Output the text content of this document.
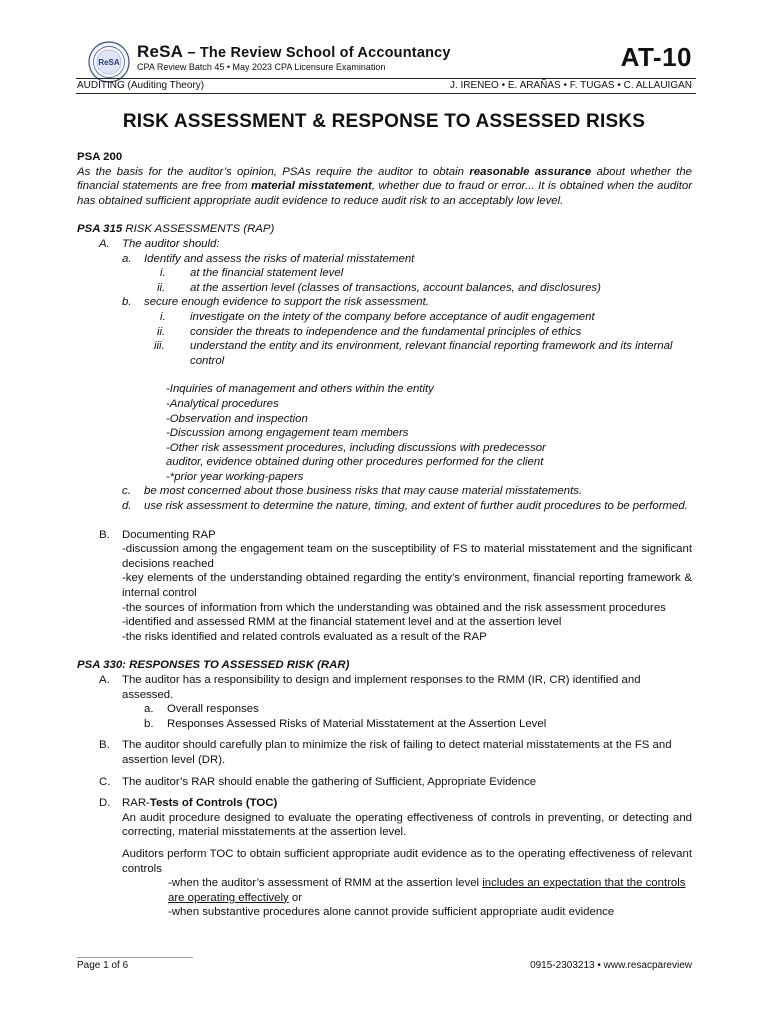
ReSA
ReSA – The Review School of Accountancy
CPA Review Batch 45 • May 2023 CPA Licensure Examination	AT-10
AUDITING (Auditing Theory)	J. IRENEO • E. ARAÑAS • F. TUGAS • C. ALLAUIGAN
RISK ASSESSMENT & RESPONSE TO ASSESSED RISKS

PSA 200

As the basis for the auditor’s opinion, PSAs require the auditor to obtain reasonable assurance about whether the financial statements are free from material misstatement, whether due to fraud or error... It is obtained when the auditor has obtained sufficient appropriate audit evidence to reduce audit risk to an acceptably low level.

PSA 315 RISK ASSESSMENTS (RAP)

A.	The auditor should:
a.	Identify and assess the risks of material misstatement
i.	at the financial statement level
ii.	at the assertion level (classes of transactions, account balances, and disclosures)
b.	secure enough evidence to support the risk assessment.
i.	investigate on the intety of the company before acceptance of audit engagement
ii.	consider the threats to independence and the fundamental principles of ethics
iii.	understand the entity and its environment, relevant financial reporting framework and its internal control

-Inquiries of management and others within the entity

-Analytical procedures

-Observation and inspection

-Discussion among engagement team members

-Other risk assessment procedures, including discussions with predecessor

auditor, evidence obtained during other procedures performed for the client

-*prior year working-papers

c.	be most concerned about those business risks that may cause material misstatements.
d.	use risk assessment to determine the nature, timing, and extent of further audit procedures to be performed.
B.	Documenting RAP

-discussion among the engagement team on the susceptibility of FS to material misstatement and the significant decisions reached

-key elements of the understanding obtained regarding the entity’s environment, financial reporting framework & internal control

-the sources of information from which the understanding was obtained and the risk assessment procedures

-identified and assessed RMM at the financial statement level and at the assertion level

-the risks identified and related controls evaluated as a result of the RAP

PSA 330: RESPONSES TO ASSESSED RISK (RAR)

A.	The auditor has a responsibility to design and implement responses to the RMM (IR, CR) identified and assessed.
a.	Overall responses
b.	Responses Assessed Risks of Material Misstatement at the Assertion Level
B.	The auditor should carefully plan to minimize the risk of failing to detect material misstatements at the FS and assertion level (DR).
C.	The auditor’s RAR should enable the gathering of Sufficient, Appropriate Evidence
D.	RAR-Tests of Controls (TOC)

An audit procedure designed to evaluate the operating effectiveness of controls in preventing, or detecting and correcting, material misstatements at the assertion level.

Auditors perform TOC to obtain sufficient appropriate audit evidence as to the operating effectiveness of relevant controls

-when the auditor’s assessment of RMM at the assertion level includes an expectation that the controls are operating effectively or

-when substantive procedures alone cannot provide sufficient appropriate audit evidence

Page 1 of 6	0915-2303213 • www.resacpareview
